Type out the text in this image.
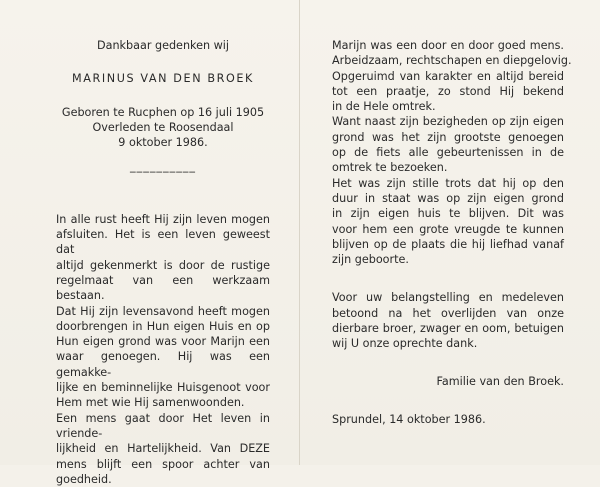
Dankbaar gedenken wij

MARINUS VAN DEN BROEK

Geboren te Rucphen op 16 juli 1905

Overleden te Roosendaal

9 oktober 1986.

__________

In alle rust heeft Hij zijn leven mogen
afsluiten. Het is een leven geweest dat
altijd gekenmerkt is door de rustige
regelmaat van een werkzaam bestaan.
Dat Hij zijn levensavond heeft mogen
doorbrengen in Hun eigen Huis en op
Hun eigen grond was voor Marijn een
waar genoegen. Hij was een gemakke-
lijke en beminnelijke Huisgenoot voor
Hem met wie Hij samenwoonden.
Een mens gaat door Het leven in vriende-
lijkheid en Hartelijkheid. Van DEZE
mens blijft een spoor achter van goedheid.
Marijn was een door en door goed mens.
Arbeidzaam, rechtschapen en diepgelovig.
Opgeruimd van karakter en altijd bereid
tot een praatje, zo stond Hij bekend
in de Hele omtrek.
Want naast zijn bezigheden op zijn eigen
grond was het zijn grootste genoegen
op de fiets alle gebeurtenissen in de
omtrek te bezoeken.
Het was zijn stille trots dat hij op den
duur in staat was op zijn eigen grond
in zijn eigen huis te blijven. Dit was
voor hem een grote vreugde te kunnen
blijven op de plaats die hij liefhad vanaf
zijn geboorte.
Voor uw belangstelling en medeleven
betoond na het overlijden van onze
dierbare broer, zwager en oom, betuigen
wij U onze oprechte dank.

Familie van den Broek.

Sprundel, 14 oktober 1986.
